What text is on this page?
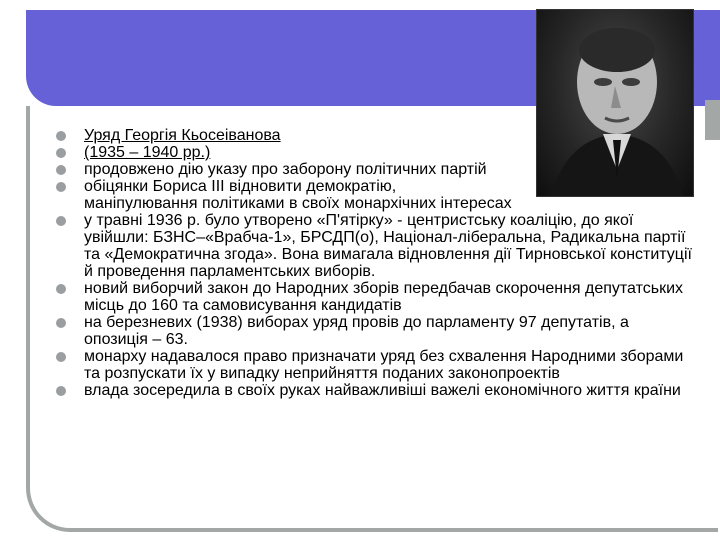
Уряд Георгія Кьосеіванова
(1935 – 1940 рр.)
продовжено дію указу про заборону політичних партій
обіцянки Бориса ІІІ відновити демократію,
маніпулювання політиками в своїх монархічних інтересах
у травні 1936 р. було утворено «П'ятірку» - центристську коаліцію, до якої увійшли: БЗНС–«Врабча-1», БРСДП(о), Націонал-ліберальна, Радикальна партії та «Демократична згода». Вона вимагала відновлення дії Тирновської конституції й проведення парламентських виборів.
новий виборчий закон до Народних зборів передбачав скорочення депутатських місць до 160 та самовисування кандидатів
на березневих (1938) виборах уряд провів до парламенту 97 депутатів, а опозиція – 63.
монарху надавалося право призначати уряд без схвалення Народними зборами та розпускати їх у випадку неприйняття поданих законопроектів
влада зосередила в своїх руках найважливіші важелі економічного життя країни
